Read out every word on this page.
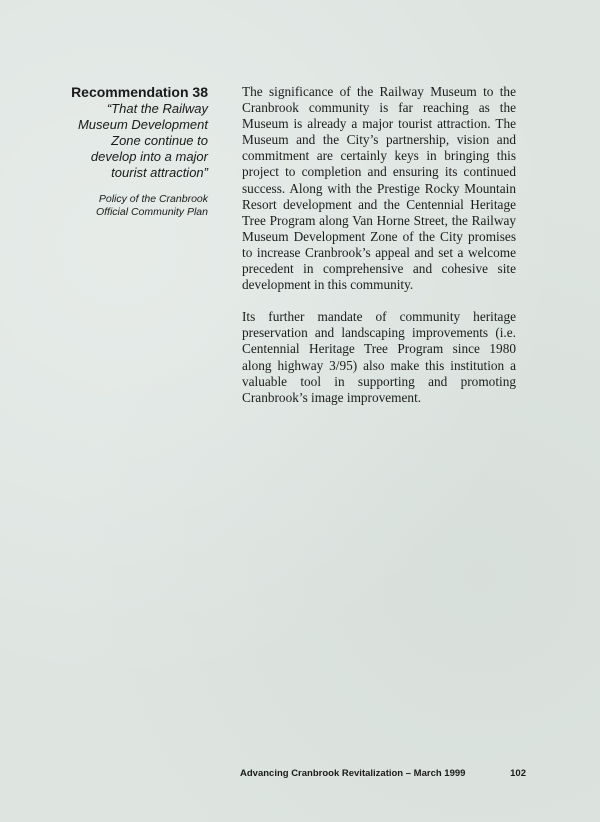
Recommendation 38

“That the Railway
Museum Development
Zone continue to
develop into a major
tourist attraction”

Policy of the Cranbrook
Official Community Plan

The significance of the Railway Museum to the Cranbrook community is far reaching as the Museum is already a major tourist attraction. The Museum and the City’s partnership, vision and commitment are certainly keys in bringing this project to completion and ensuring its continued success. Along with the Prestige Rocky Mountain Resort development and the Centennial Heritage Tree Program along Van Horne Street, the Railway Museum Development Zone of the City promises to increase Cranbrook’s appeal and set a welcome precedent in comprehensive and cohesive site development in this community.

Its further mandate of community heritage preservation and landscaping improvements (i.e. Centennial Heritage Tree Program since 1980 along highway 3/95) also make this institution a valuable tool in supporting and promoting Cranbrook’s image improvement.

Advancing Cranbrook Revitalization – March 1999	102
